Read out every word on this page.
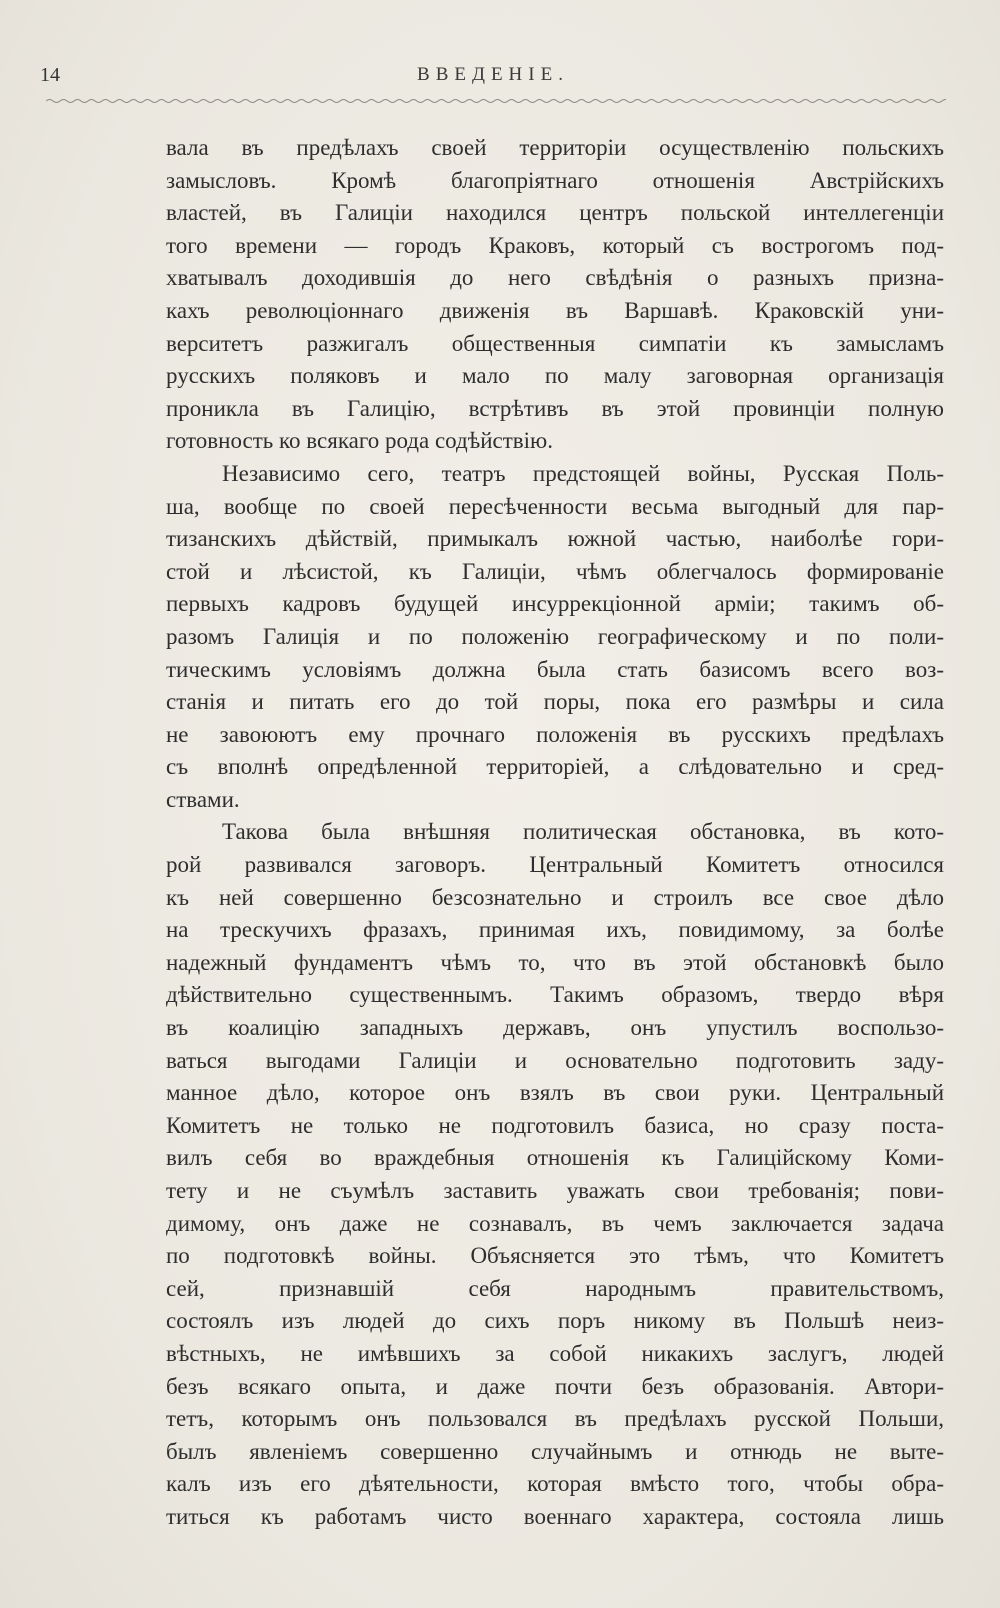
14	ВВЕДЕНІЕ.
вала въ предѣлахъ своей территоріи осуществленію польскихъ
замысловъ. Кромѣ благопріятнаго отношенія Австрійскихъ
властей, въ Галиціи находился центръ польской интеллегенціи
того времени — городъ Краковъ, который съ вострогомъ под-
хватывалъ доходившія до него свѣдѣнія о разныхъ призна-
кахъ революціоннаго движенія въ Варшавѣ. Краковскій уни-
верситетъ разжигалъ общественныя симпатіи къ замысламъ
русскихъ поляковъ и мало по малу заговорная организація
проникла въ Галицію, встрѣтивъ въ этой провинціи полную
готовность ко всякаго рода содѣйствію.
Независимо сего, театръ предстоящей войны, Русская Поль-
ша, вообще по своей пересѣченности весьма выгодный для пар-
тизанскихъ дѣйствій, примыкалъ южной частью, наиболѣе гори-
стой и лѣсистой, къ Галиціи, чѣмъ облегчалось формированіе
первыхъ кадровъ будущей инсуррекціонной арміи; такимъ об-
разомъ Галиція и по положенію географическому и по поли-
тическимъ условіямъ должна была стать базисомъ всего воз-
станія и питать его до той поры, пока его размѣры и сила
не завоюютъ ему прочнаго положенія въ русскихъ предѣлахъ
съ вполнѣ опредѣленной территоріей, а слѣдовательно и сред-
ствами.
Такова была внѣшняя политическая обстановка, въ кото-
рой развивался заговоръ. Центральный Комитетъ относился
къ ней совершенно безсознательно и строилъ все свое дѣло
на трескучихъ фразахъ, принимая ихъ, повидимому, за болѣе
надежный фундаментъ чѣмъ то, что въ этой обстановкѣ было
дѣйствительно существеннымъ. Такимъ образомъ, твердо вѣря
въ коалицію западныхъ державъ, онъ упустилъ воспользо-
ваться выгодами Галиціи и основательно подготовить заду-
манное дѣло, которое онъ взялъ въ свои руки. Центральный
Комитетъ не только не подготовилъ базиса, но сразу поста-
вилъ себя во враждебныя отношенія къ Галиційскому Коми-
тету и не съумѣлъ заставить уважать свои требованія; пови-
димому, онъ даже не сознавалъ, въ чемъ заключается задача
по подготовкѣ войны. Объясняется это тѣмъ, что Комитетъ
сей, признавшій себя народнымъ правительствомъ,
состоялъ изъ людей до сихъ поръ никому въ Польшѣ неиз-
вѣстныхъ, не имѣвшихъ за собой никакихъ заслугъ, людей
безъ всякаго опыта, и даже почти безъ образованія. Автори-
тетъ, которымъ онъ пользовался въ предѣлахъ русской Польши,
былъ явленіемъ совершенно случайнымъ и отнюдь не выте-
калъ изъ его дѣятельности, которая вмѣсто того, чтобы обра-
титься къ работамъ чисто военнаго характера, состояла лишь
